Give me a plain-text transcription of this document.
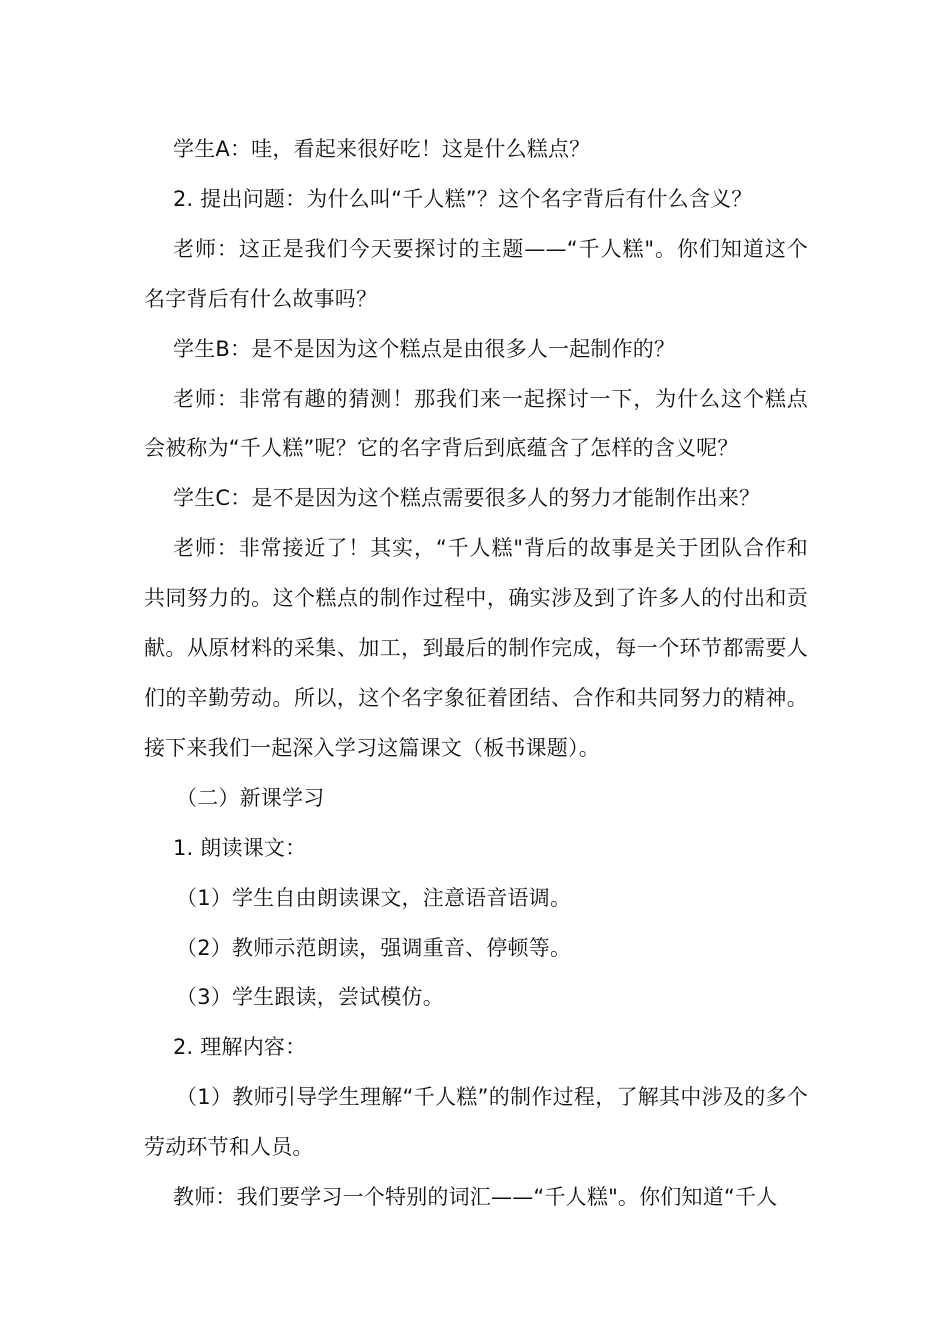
学生A：哇，看起来很好吃！这是什么糕点？

2. 提出问题：为什么叫“千人糕”？这个名字背后有什么含义？

老师：这正是我们今天要探讨的主题——“千人糕"。你们知道这个名字背后有什么故事吗？

学生B：是不是因为这个糕点是由很多人一起制作的？

老师：非常有趣的猜测！那我们来一起探讨一下，为什么这个糕点会被称为“千人糕”呢？它的名字背后到底蕴含了怎样的含义呢？

学生C：是不是因为这个糕点需要很多人的努力才能制作出来？

老师：非常接近了！其实，“千人糕"背后的故事是关于团队合作和共同努力的。这个糕点的制作过程中，确实涉及到了许多人的付出和贡献。从原材料的采集、加工，到最后的制作完成，每一个环节都需要人们的辛勤劳动。所以，这个名字象征着团结、合作和共同努力的精神。接下来我们一起深入学习这篇课文（板书课题）。

（二）新课学习

1. 朗读课文：

（1）学生自由朗读课文，注意语音语调。

（2）教师示范朗读，强调重音、停顿等。

（3）学生跟读，尝试模仿。

2. 理解内容：

（1）教师引导学生理解“千人糕”的制作过程，了解其中涉及的多个劳动环节和人员。

教师：我们要学习一个特别的词汇——“千人糕"。你们知道“千人
